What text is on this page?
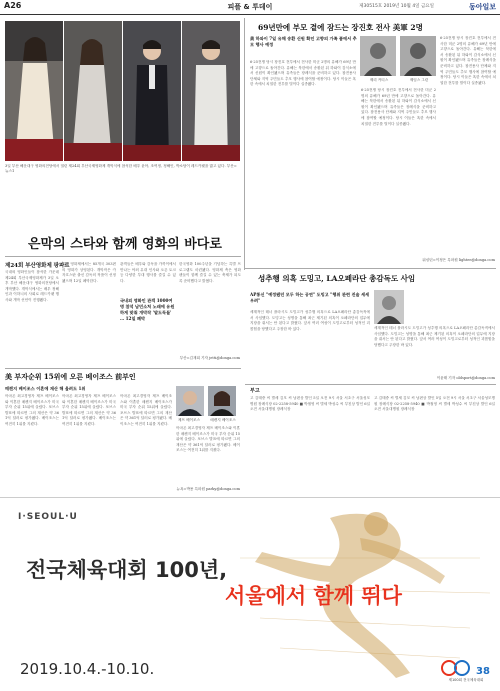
A26	피플 & 투데이	제30515호 2019년 10월 4일 금요일	동아일보
3일 부산 해운대구 영화의전당에서 열린 제24회 부산국제영화제 개막식에 참석한 배우 윤아, 조여정, 정해인, 박소담이 레드카펫을 밟고 있다. 부산=뉴스1
은막의 스타와 함께 영화의 바다로
제24회 부산영화제 팡파르
국내외 영화인들이 참석한 가운데 제24회 부산국제영화제가 3일 오후 부산 해운대구 영화의전당에서 개막했다. 개막식에서는 배우 정해인과 이하늬의 사회로 레드카펫 행사와 개막 선언이 진행됐다.
올해 영화제에서는 85개국 303편의 영화가 상영된다. 개막작은 카자흐스탄 출신 감독의 작품이 선정됐으며 12일 폐막한다.
국내외 영화인 관객 1000여명 참석 남민소처 노래에 유원하게 맞춰 개막작 '말도둑들' … 12일 폐막
관객들은 배우와 감독을 가까이에서 만나는 야외 무대 인사와 오픈 토크 등 다양한 부대 행사를 즐길 수 있다.
한국영화 100주년을 기념하는 특별 프로그램도 마련됐다. 영화제 측은 영화 팬들이 함께 즐길 수 있는 축제가 되도록 준비했다고 밝혔다.
부산=김재희 기자 jetti@donga.com
69년만에 부모 곁에 잠드는 장진호 전사 美軍 2명
美 하와이 7일 유해 송환 신원 확인 고향의 가족 품에서 추모 행사 예정
제리 커티스	제임스 그린
6·25전쟁 당시 장진호 전투에서 전사한 미군 2명의 유해가 69년 만에 고향으로 돌아간다. 유해는 북한에서 송환된 뒤 하와이 감식소에서 신원이 확인됐으며 유족들은 장례식을 준비하고 있다. 참전용사 단체와 지역 주민들도 추모 행사에 참여할 예정이다. 당시 이들은 혹한 속에서 치열한 전투를 벌이다 실종됐다.
6·25전쟁 당시 장진호 전투에서 전사한 미군 2명의 유해가 69년 만에 고향으로 돌아간다. 유해는 북한에서 송환된 뒤 하와이 감식소에서 신원이 확인됐으며 유족들은 장례식을 준비하고 있다. 참전용사 단체와 지역 주민들도 추모 행사에 참여할 예정이다. 당시 이들은 혹한 속에서 치열한 전투를 벌이다 실종됐다.
6·25전쟁 당시 장진호 전투에서 전사한 미군 2명의 유해가 69년 만에 고향으로 돌아간다. 유해는 북한에서 송환된 뒤 하와이 감식소에서 신원이 확인됐으며 유족들은 장례식을 준비하고 있다. 참전용사 단체와 지역 주민들도 추모 행사에 참여할 예정이다. 당시 이들은 혹한 속에서 치열한 전투를 벌이다 실종됐다.
워싱턴=이정은 특파원 lightee@donga.com
성추행 의혹 도밍고, LA오페라단 총감독도 사임
AP통신 "예정됐던 모두 하는 공연" 도밍고 "행위 관련 진술 세세 우려"
세계적인 테너 플라시도 도밍고가 성추행 의혹으로 LA오페라단 총감독직에서 사임했다. 도밍고는 성명을 통해 최근 제기된 의혹이 오페라단의 업무에 지장을 줘서는 안 된다고 밝혔다. 앞서 여러 여성이 도밍고로부터 성적인 괴롭힘을 당했다고 주장한 바 있다.	세계적인 테너 플라시도 도밍고가 성추행 의혹으로 LA오페라단 총감독직에서 사임했다. 도밍고는 성명을 통해 최근 제기된 의혹이 오페라단의 업무에 지장을 줘서는 안 된다고 밝혔다. 앞서 여러 여성이 도밍고로부터 성적인 괴롭힘을 당했다고 주장한 바 있다.
이윤태 기자 oldsport@donga.com
美 부자순위 15위에 오른 베이조스 前부인
매켄지 베이조스 이혼에 재산 해 올려도 1위
제프 베이조스	매켄지 베이조스
아마존 최고경영자 제프 베이조스와 이혼한 매켄지 베이조스가 미국 부자 순위 15위에 올랐다. 포브스 발표에 따르면 그의 재산은 약 361억 달러로 평가됐다. 베이조스는 여전히 1위를 지켰다.
아마존 최고경영자 제프 베이조스와 이혼한 매켄지 베이조스가 미국 부자 순위 15위에 올랐다. 포브스 발표에 따르면 그의 재산은 약 361억 달러로 평가됐다. 베이조스는 여전히 1위를 지켰다.
아마존 최고경영자 제프 베이조스와 이혼한 매켄지 베이조스가 미국 부자 순위 15위에 올랐다. 포브스 발표에 따르면 그의 재산은 약 361억 달러로 평가됐다. 베이조스는 여전히 1위를 지켰다.
아마존 최고경영자 제프 베이조스와 이혼한 매켄지 베이조스가 미국 부자 순위 15위에 올랐다. 포브스 발표에 따르면 그의 재산은 약 361억 달러로 평가됐다. 베이조스는 여전히 1위를 지켰다.
뉴욕=박용 특파원 parky@donga.com
부고
고 김태중 씨 별세 김모 씨 남편상 발인 5일 오전 9시 서울 서초구 서울성모병원 장례식장 02-2258-5940 ■ 박철영 씨 별세 박성수 씨 부친상 발인 6일 오전 서울대병원 장례식장
고 김태중 씨 별세 김모 씨 남편상 발인 5일 오전 9시 서울 서초구 서울성모병원 장례식장 02-2258-5940 ■ 박철영 씨 별세 박성수 씨 부친상 발인 6일 오전 서울대병원 장례식장
I·SEOUL·U
전국체육대회 100년,
서울에서 함께 뛰다
2019.10.4.-10.10.	38
제100회 전국체육대회
